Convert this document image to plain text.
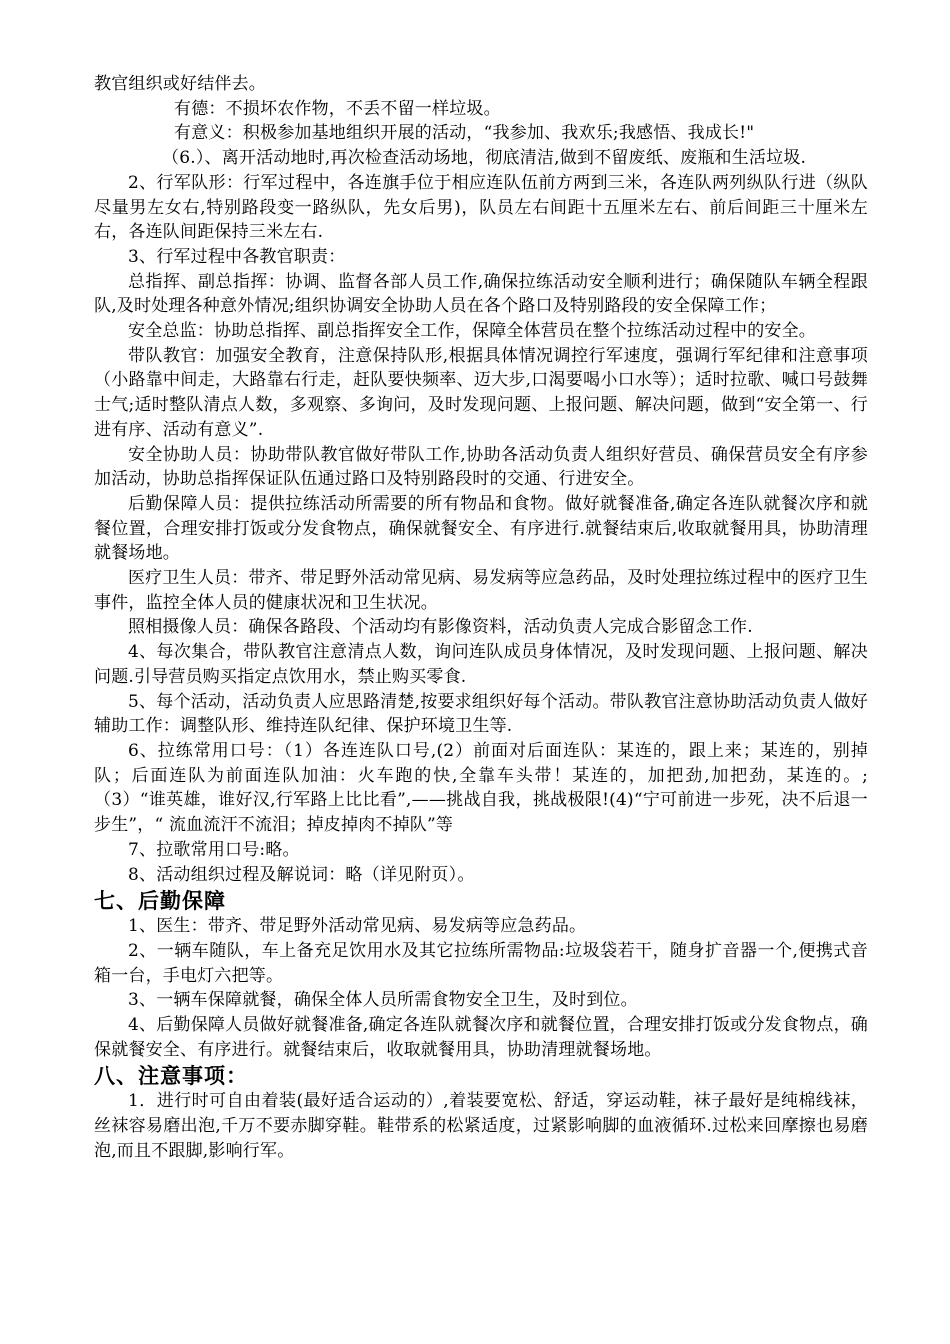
教官组织或好结伴去。

有德：不损坏农作物，不丢不留一样垃圾。

有意义：积极参加基地组织开展的活动，“我参加、我欢乐;我感悟、我成长!"

（6.）、离开活动地时,再次检查活动场地，彻底清洁,做到不留废纸、废瓶和生活垃圾.

2、行军队形：行军过程中，各连旗手位于相应连队伍前方两到三米，各连队两列纵队行进（纵队尽量男左女右,特别路段变一路纵队，先女后男)，队员左右间距十五厘米左右、前后间距三十厘米左右，各连队间距保持三米左右.

3、行军过程中各教官职责：

总指挥、副总指挥：协调、监督各部人员工作,确保拉练活动安全顺利进行；确保随队车辆全程跟队,及时处理各种意外情况;组织协调安全协助人员在各个路口及特别路段的安全保障工作；

安全总监：协助总指挥、副总指挥安全工作，保障全体营员在整个拉练活动过程中的安全。

带队教官：加强安全教育，注意保持队形,根据具体情况调控行军速度，强调行军纪律和注意事项（小路靠中间走，大路靠右行走，赶队要快频率、迈大步,口渴要喝小口水等）；适时拉歌、喊口号鼓舞士气;适时整队清点人数，多观察、多询问，及时发现问题、上报问题、解决问题，做到“安全第一、行进有序、活动有意义”.

安全协助人员：协助带队教官做好带队工作,协助各活动负责人组织好营员、确保营员安全有序参加活动，协助总指挥保证队伍通过路口及特别路段时的交通、行进安全。

后勤保障人员：提供拉练活动所需要的所有物品和食物。做好就餐准备,确定各连队就餐次序和就餐位置，合理安排打饭或分发食物点，确保就餐安全、有序进行.就餐结束后,收取就餐用具，协助清理就餐场地。

医疗卫生人员：带齐、带足野外活动常见病、易发病等应急药品，及时处理拉练过程中的医疗卫生事件，监控全体人员的健康状况和卫生状况。

照相摄像人员：确保各路段、个活动均有影像资料，活动负责人完成合影留念工作.

4、每次集合，带队教官注意清点人数，询问连队成员身体情况，及时发现问题、上报问题、解决问题.引导营员购买指定点饮用水，禁止购买零食.

5、每个活动，活动负责人应思路清楚,按要求组织好每个活动。带队教官注意协助活动负责人做好辅助工作：调整队形、维持连队纪律、保护环境卫生等.

6、拉练常用口号：（1）各连连队口号,(2）前面对后面连队：某连的，跟上来；某连的，别掉队；后面连队为前面连队加油：火车跑的快,全靠车头带！某连的，加把劲,加把劲，某连的。;（3）“谁英雄，谁好汉,行军路上比比看”,——挑战自我，挑战极限!(4)“宁可前进一步死，决不后退一步生”，“ 流血流汗不流泪；掉皮掉肉不掉队”等

7、拉歌常用口号:略。

8、活动组织过程及解说词：略（详见附页）。

七、后勤保障

1、医生：带齐、带足野外活动常见病、易发病等应急药品。

2、一辆车随队，车上备充足饮用水及其它拉练所需物品:垃圾袋若干，随身扩音器一个,便携式音箱一台，手电灯六把等。

3、一辆车保障就餐，确保全体人员所需食物安全卫生，及时到位。

4、后勤保障人员做好就餐准备,确定各连队就餐次序和就餐位置，合理安排打饭或分发食物点，确保就餐安全、有序进行。就餐结束后，收取就餐用具，协助清理就餐场地。

八、注意事项：

1．进行时可自由着装(最好适合运动的）,着装要宽松、舒适，穿运动鞋，袜子最好是纯棉线袜，丝袜容易磨出泡,千万不要赤脚穿鞋。鞋带系的松紧适度，过紧影响脚的血液循环.过松来回摩擦也易磨泡,而且不跟脚,影响行军。
